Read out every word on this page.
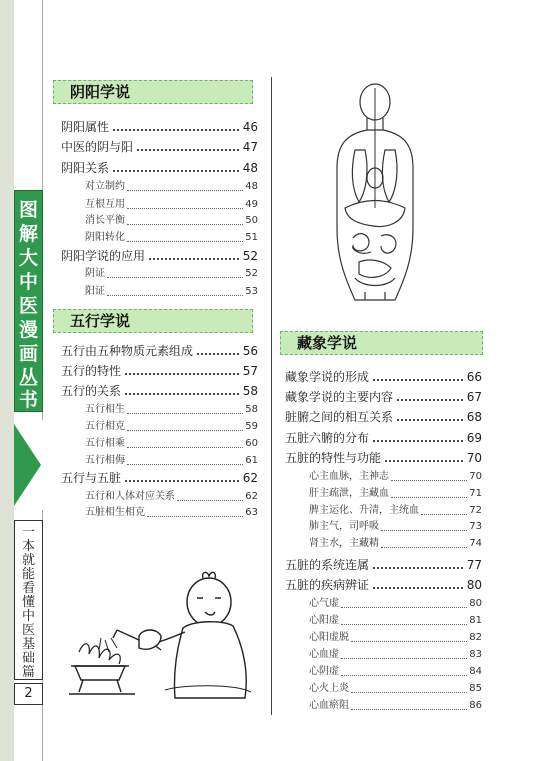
图
解
大
中
医
漫
画
丛
书
一
本
就
能
看
懂
中
医
基
础
篇
2
阴阳学说
五行学说
藏象学说
阴阳属性	46
中医的阴与阳	47
阴阳关系	48
对立制约	48
互根互用	49
消长平衡	50
阴阳转化	51
阴阳学说的应用	52
阴证	52
阳证	53
五行由五种物质元素组成	56
五行的特性	57
五行的关系	58
五行相生	58
五行相克	59
五行相乘	60
五行相侮	61
五行与五脏	62
五行和人体对应关系	62
五脏相生相克	63
藏象学说的形成	66
藏象学说的主要内容	67
脏腑之间的相互关系	68
五脏六腑的分布	69
五脏的特性与功能	70
心主血脉，主神志	70
肝主疏泄，主藏血	71
脾主运化、升清，主统血	72
肺主气，司呼吸	73
肾主水，主藏精	74
五脏的系统连属	77
五脏的疾病辨证	80
心气虚	80
心阳虚	81
心阳虚脱	82
心血虚	83
心阴虚	84
心火上炎	85
心血瘀阻	86
